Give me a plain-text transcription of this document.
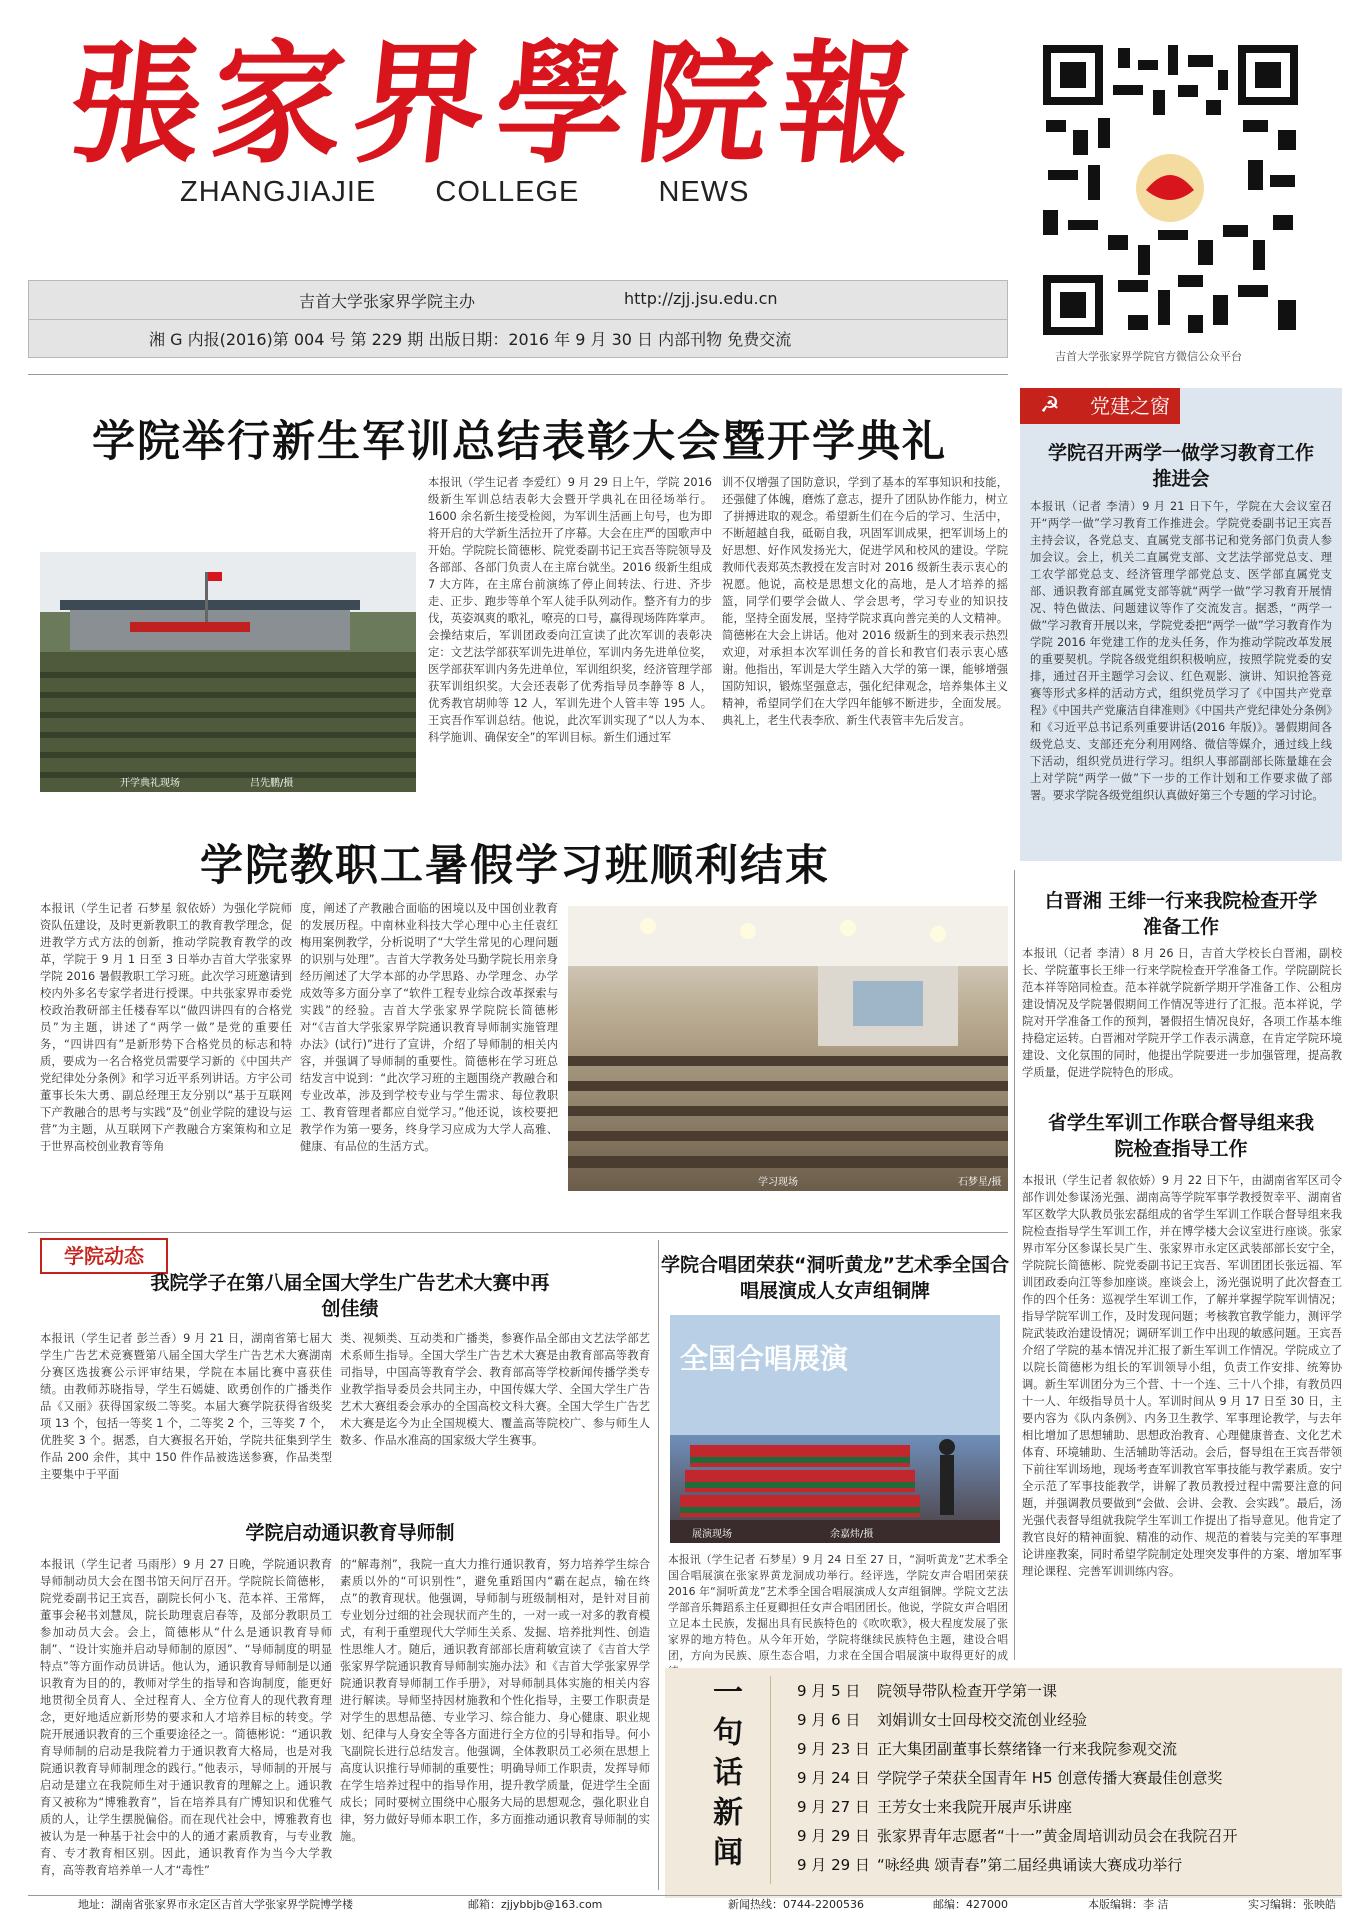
張家界學院報
ZHANGJIAJIE COLLEGE	NEWS
吉首大学张家界学院主办	http://zjj.jsu.edu.cn
湘 G 内报(2016)第 004 号 第 229 期 出版日期：2016 年 9 月 30 日 内部刊物 免费交流
吉首大学张家界学院官方微信公众平台
学院举行新生军训总结表彰大会暨开学典礼
开学典礼现场	吕先鹏/摄
本报讯（学生记者 李爱红）9 月 29 日上午，学院 2016 级新生军训总结表彰大会暨开学典礼在田径场举行。1600 余名新生接受检阅，为军训生活画上句号，也为即将开启的大学新生活拉开了序幕。大会在庄严的国歌声中开始。学院院长简德彬、院党委副书记王宾吾等院领导及各部部、各部门负责人在主席台就坐。2016 级新生组成 7 大方阵，在主席台前演练了停止间转法、行进、齐步走、正步、跑步等单个军人徒手队列动作。整齐有力的步伐，英姿飒爽的歌礼，嘹亮的口号，赢得现场阵阵掌声。会操结束后，军训团政委向江宣读了此次军训的表彰决定：文艺法学部获军训先进单位，军训内务先进单位奖，医学部获军训内务先进单位，军训组织奖，经济管理学部获军训组织奖。大会还表彰了优秀指导员李静等 8 人，优秀教官胡帅等 12 人，军训先进个人管丰等 195 人。王宾吾作军训总结。他说，此次军训实现了“以人为本、科学施训、确保安全”的军训目标。新生们通过军
训不仅增强了国防意识，学到了基本的军事知识和技能，还强健了体魄，磨炼了意志，提升了团队协作能力，树立了拼搏进取的观念。希望新生们在今后的学习、生活中，不断超越自我，砥砺自我，巩固军训成果，把军训场上的好思想、好作风发扬光大，促进学风和校风的建设。学院教师代表郑英杰教授在发言时对 2016 级新生表示衷心的祝愿。他说，高校是思想文化的高地，是人才培养的摇篮，同学们要学会做人、学会思考，学习专业的知识技能，坚持全面发展，坚持学院求真向善完美的人文精神。简德彬在大会上讲话。他对 2016 级新生的到来表示热烈欢迎，对承担本次军训任务的首长和教官们表示衷心感谢。他指出，军训是大学生踏入大学的第一课，能够增强国防知识，锻炼坚强意志，强化纪律观念，培养集体主义精神，希望同学们在大学四年能够不断进步，全面发展。典礼上，老生代表李欣、新生代表管丰先后发言。
学院教职工暑假学习班顺利结束
本报讯（学生记者 石梦星 叙依娇）为强化学院师资队伍建设，及时更新教职工的教育教学理念，促进教学方式方法的创新，推动学院教育教学的改革，学院于 9 月 1 日至 3 日举办吉首大学张家界学院 2016 暑假教职工学习班。此次学习班邀请到校内外多名专家学者进行授课。中共张家界市委党校政治教研部主任楼春军以“做四讲四有的合格党员”为主题，讲述了“两学一做”是党的重要任务，“四讲四有”是新形势下合格党员的标志和特质，要成为一名合格党员需要学习新的《中国共产党纪律处分条例》和学习近平系列讲话。方宇公司董事长朱大勇、副总经理王友分别以“基于互联网下产教融合的思考与实践”及“创业学院的建设与运营”为主题，从互联网下产教融合方案策构和立足于世界高校创业教育等角
度，阐述了产教融合面临的困境以及中国创业教育的发展历程。中南林业科技大学心理中心主任袁红梅用案例教学，分析说明了“大学生常见的心理问题的识别与处理”。吉首大学教务处马勤学院长用亲身经历阐述了大学本部的办学思路、办学理念、办学成效等多方面分享了“软件工程专业综合改革探索与实践”的经验。吉首大学张家界学院院长简德彬对“《吉首大学张家界学院通识教育导师制实施管理办法》(试行)”进行了宣讲，介绍了导师制的相关内容，并强调了导师制的重要性。简德彬在学习班总结发言中说到：“此次学习班的主题围绕产教融合和专业改革，涉及到学校专业与学生需求、每位教职工、教育管理者都应自觉学习。”他还说，该校要把教学作为第一要务，终身学习应成为大学人高雅、健康、有品位的生活方式。
学习现场	石梦星/摄
☭ 党建之窗
学院召开两学一做学习教育工作推进会
本报讯（记者 李清）9 月 21 日下午，学院在大会议室召开“两学一做”学习教育工作推进会。学院党委副书记王宾吾主持会议，各党总支、直属党支部书记和党务部门负责人参加会议。会上，机关二直属党支部、文艺法学部党总支、理工农学部党总支、经济管理学部党总支、医学部直属党支部、通识教育部直属党支部等就“两学一做”学习教育开展情况、特色做法、问题建议等作了交流发言。据悉，“两学一做”学习教育开展以来，学院党委把“两学一做”学习教育作为学院 2016 年党建工作的龙头任务，作为推动学院改革发展的重要契机。学院各级党组织积极响应，按照学院党委的安排，通过召开主题学习会议、红色观影、演讲、知识抢答竞赛等形式多样的活动方式，组织党员学习了《中国共产党章程》《中国共产党廉洁自律准则》《中国共产党纪律处分条例》和《习近平总书记系列重要讲话(2016 年版)》。暑假期间各级党总支、支部还充分利用网络、微信等媒介，通过线上线下活动，组织党员进行学习。组织人事部副部长陈量雄在会上对学院“两学一做”下一步的工作计划和工作要求做了部署。要求学院各级党组织认真做好第三个专题的学习讨论。
白晋湘 王绯一行来我院检查开学准备工作
本报讯（记者 李清）8 月 26 日，吉首大学校长白晋湘，副校长、学院董事长王绯一行来学院检查开学准备工作。学院副院长范本祥等陪同检查。范本祥就学院新学期开学准备工作、公租房建设情况及学院暑假期间工作情况等进行了汇报。范本祥说，学院对开学准备工作的预判，暑假招生情况良好，各项工作基本维持稳定运转。白晋湘对学院开学工作表示满意，在肯定学院环境建设、文化氛围的同时，他提出学院要进一步加强管理，提高教学质量，促进学院特色的形成。
省学生军训工作联合督导组来我院检查指导工作
本报讯（学生记者 叙依娇）9 月 22 日下午，由湖南省军区司令部作训处参谋汤光强、湖南高等学院军事学教授贺幸平、湖南省军区数学大队教员张宏磊组成的省学生军训工作联合督导组来我院检查指导学生军训工作，并在博学楼大会议室进行座谈。张家界市军分区参谋长吴广生、张家界市永定区武装部部长安宁全，学院院长简德彬、院党委副书记王宾吾、军训团团长张远福、军训团政委向江等参加座谈。座谈会上，汤光强说明了此次督查工作的四个任务：巡视学生军训工作，了解并掌握学院军训情况；指导学院军训工作，及时发现问题；考核教官教学能力，测评学院武装政治建设情况；调研军训工作中出现的敏感问题。王宾吾介绍了学院的基本情况并汇报了新生军训工作情况。学院成立了以院长简德彬为组长的军训领导小组，负责工作安排、统筹协调。新生军训团分为三个营、十一个连、三十八个排，有教员四十一人、年级指导员十人。军训时间从 9 月 17 日至 30 日，主要内容为《队内条例》、内务卫生教学、军事理论教学，与去年相比增加了思想辅助、思想政治教育、心理健康普查、文化艺术体育、环境辅助、生活辅助等活动。会后，督导组在王宾吾带领下前往军训场地，现场考查军训教官军事技能与教学素质。安宁全示范了军事技能教学，讲解了教员教授过程中需要注意的问题，并强调教员要做到“会做、会讲、会教、会实践”。最后，汤光强代表督导组就我院学生军训工作提出了指导意见。他肯定了教官良好的精神面貌、精准的动作、规范的着装与完美的军事理论讲座教案，同时希望学院制定处理突发事件的方案、增加军事理论课程、完善军训训练内容。
学院动态
我院学子在第八届全国大学生广告艺术大赛中再创佳绩
本报讯（学生记者 彭兰香）9 月 21 日，湖南省第七届大学生广告艺术竞赛暨第八届全国大学生广告艺术大赛湖南分赛区选拔赛公示评审结果，学院在本届比赛中喜获佳绩。由教师苏晓指导，学生石嫣婕、欧勇创作的广播类作品《又丽》获得国家级二等奖。本届大赛学院获得省级奖项 13 个，包括一等奖 1 个，二等奖 2 个，三等奖 7 个，优胜奖 3 个。据悉，自大赛报名开始，学院共征集到学生作品 200 余件，其中 150 件作品被选送参赛，作品类型主要集中于平面
类、视频类、互动类和广播类，参赛作品全部由文艺法学部艺术系师生指导。全国大学生广告艺术大赛是由教育部高等教育司指导，中国高等教育学会、教育部高等学校新闻传播学类专业教学指导委员会共同主办，中国传媒大学、全国大学生广告艺术大赛组委会承办的全国高校文科大赛。全国大学生广告艺术大赛是迄今为止全国规模大、覆盖高等院校广、参与师生人数多、作品水准高的国家级大学生赛事。
学院启动通识教育导师制
本报讯（学生记者 马雨彤）9 月 27 日晚，学院通识教育导师制动员大会在图书馆天问厅召开。学院院长简德彬，院党委副书记王宾吾，副院长何小飞、范本祥、王常辉，董事会秘书刘慧凤，院长助理袁启春等，及部分教职员工参加动员大会。会上，简德彬从“什么是通识教育导师制”、“设计实施并启动导师制的原因”、“导师制度的明显特点”等方面作动员讲话。他认为，通识教育导师制是以通识教育为目的的，教师对学生的指导和咨询制度，能更好地贯彻全员育人、全过程育人、全方位育人的现代教育理念，更好地适应新形势的要求和人才培养目标的转变。学院开展通识教育的三个重要途径之一。简德彬说：“通识教育导师制的启动是我院着力于通识教育大格局，也是对我院通识教育导师制理念的践行。”他表示，导师制的开展与启动是建立在我院师生对于通识教育的理解之上。通识教育又被称为“博雅教育”，旨在培养具有广博知识和优雅气质的人，让学生摆脱偏俗。而在现代社会中，博雅教育也被认为是一种基于社会中的人的通才素质教育，与专业教育、专才教育相区别。因此，通识教育作为当今大学教育，高等教育培养单一人才“毒性”
的“解毒剂”，我院一直大力推行通识教育，努力培养学生综合素质以外的“可识别性”，避免重蹈国内“霸在起点，输在终点”的教育现状。他强调，导师制与班级制相对，是针对目前专业划分过细的社会现状而产生的，一对一或一对多的教育模式，有利于重塑现代大学师生关系、发掘、培养批判性、创造性思维人才。随后，通识教育部部长唐莉敏宣读了《吉首大学张家界学院通识教育导师制实施办法》和《吉首大学张家界学院通识教育导师制工作手册》，对导师制具体实施的相关内容进行解读。导师坚持因材施教和个性化指导，主要工作职责是对学生的思想品德、专业学习、综合能力、身心健康、职业规划、纪律与人身安全等各方面进行全方位的引导和指导。何小飞副院长进行总结发言。他强调，全体教职员工必须在思想上高度认识推行导师制的重要性；明确导师工作职责，发挥导师在学生培养过程中的指导作用，提升教学质量，促进学生全面成长；同时要树立围绕中心服务大局的思想观念，强化职业自律，努力做好导师本职工作，多方面推动通识教育导师制的实施。
学院合唱团荣获“洞听黄龙”艺术季全国合唱展演成人女声组铜牌
全国合唱展演
展演现场	余嘉炜/摄
本报讯（学生记者 石梦星）9 月 24 日至 27 日，“洞听黄龙”艺术季全国合唱展演在张家界黄龙洞成功举行。经评选，学院女声合唱团荣获 2016 年“洞听黄龙”艺术季全国合唱展演成人女声组铜牌。学院文艺法学部音乐舞蹈系主任夏卿担任女声合唱团团长。他说，学院女声合唱团立足本土民族，发掘出具有民族特色的《吹吹歌》，极大程度发展了张家界的地方特色。从今年开始，学院将继续民族特色主题，建设合唱团，方向为民族、原生态合唱，力求在全国合唱展演中取得更好的成
一句话新闻	9 月 5 日 院领导带队检查开学第一课
9 月 6 日 刘娟训女士回母校交流创业经验
9 月 23 日 正大集团副董事长蔡绪锋一行来我院参观交流
9 月 24 日 学院学子荣获全国青年 H5 创意传播大赛最佳创意奖
9 月 27 日 王芳女士来我院开展声乐讲座
9 月 29 日 张家界青年志愿者“十一”黄金周培训动员会在我院召开
9 月 29 日 “咏经典 颂青春”第二届经典诵读大赛成功举行
地址：湖南省张家界市永定区吉首大学张家界学院博学楼	邮箱：zjjybbjb@163.com	新闻热线：0744-2200536	邮编：427000	本版编辑：李 洁	实习编辑：张映皓
